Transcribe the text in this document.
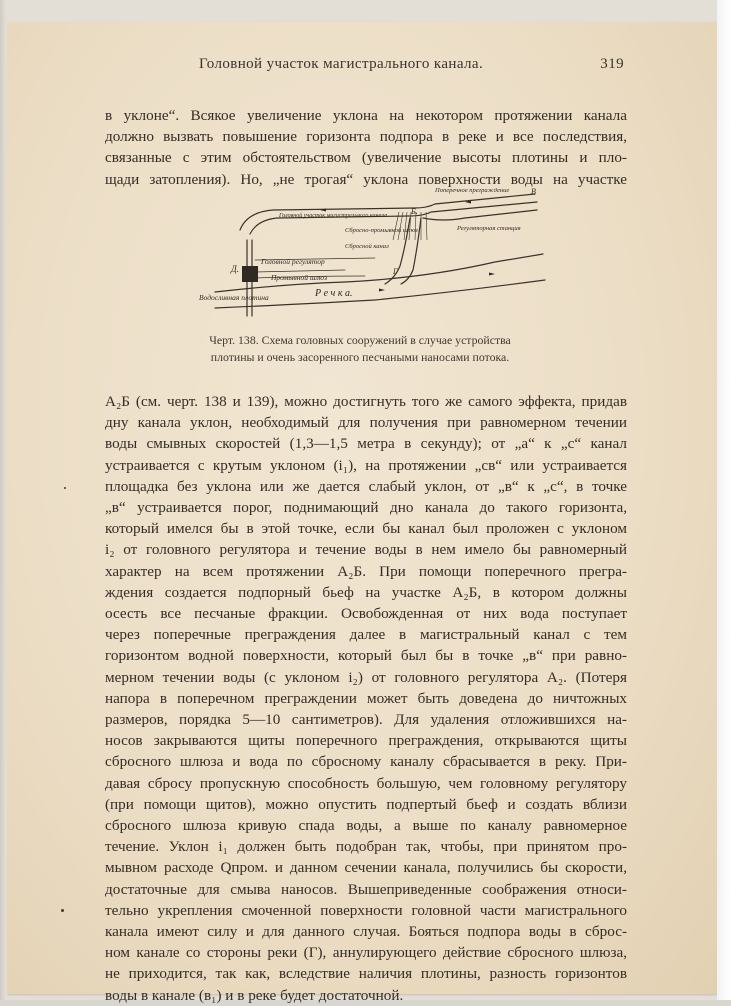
Головной участок магистрального канала.	319
в уклоне“. Всякое увеличение уклона на некотором протяжении канала
должно вызвать повышение горизонта подпора в реке и все последствия,
связанные с этим обстоятельством (увеличение высоты плотины и пло-
щади затопления). Но, „не трогая“ уклона поверхности воды на участке
Д.
Б.
В
Г
Головной участок магистрального канала
Головной регулятор
Промывной шлюз
Водосливная плотина
Поперечное преграждение
Сбросной канал
Сбросно-промывной шлюз	Регуляторная станция
Р е ч к а.
Черт. 138. Схема головных сооружений в случае устройства
плотины и очень засоренного песчаными наносами потока.
А₂Б (см. черт. 138 и 139), можно достигнуть того же самого эффекта, придав
дну канала уклон, необходимый для получения при равномерном течении
воды смывных скоростей (1,3—1,5 метра в секунду); от „а“ к „с“ канал
устраивается с крутым уклоном (i₁), на протяжении „св“ или устраивается
площадка без уклона или же дается слабый уклон, от „в“ к „с“, в точке
„в“ устраивается порог, поднимающий дно канала до такого горизонта,
который имелся бы в этой точке, если бы канал был проложен с уклоном
i₂ от головного регулятора и течение воды в нем имело бы равномерный
характер на всем протяжении А₂Б. При помощи поперечного прегра-
ждения создается подпорный бьеф на участке А₂Б, в котором должны
осесть все песчаные фракции. Освобожденная от них вода поступает
через поперечные преграждения далее в магистральный канал с тем
горизонтом водной поверхности, который был бы в точке „в“ при равно-
мерном течении воды (с уклоном i₂) от головного регулятора А₂. (Потеря
напора в поперечном преграждении может быть доведена до ничтожных
размеров, порядка 5—10 сантиметров). Для удаления отложившихся на-
носов закрываются щиты поперечного преграждения, открываются щиты
сбросного шлюза и вода по сбросному каналу сбрасывается в реку. При-
давая сбросу пропускную способность большую, чем головному регулятору
(при помощи щитов), можно опустить подпертый бьеф и создать вблизи
сбросного шлюза кривую спада воды, а выше по каналу равномерное
течение. Уклон i₁ должен быть подобран так, чтобы, при принятом про-
мывном расходе Qпром. и данном сечении канала, получились бы скорости,
достаточные для смыва наносов. Вышеприведенные соображения относи-
тельно укрепления смоченной поверхности головной части магистрального
канала имеют силу и для данного случая. Бояться подпора воды в сброс-
ном канале со стороны реки (Г), аннулирующего действие сбросного шлюза,
не приходится, так как, вследствие наличия плотины, разность горизонтов
воды в канале (в₁) и в реке будет достаточной.
